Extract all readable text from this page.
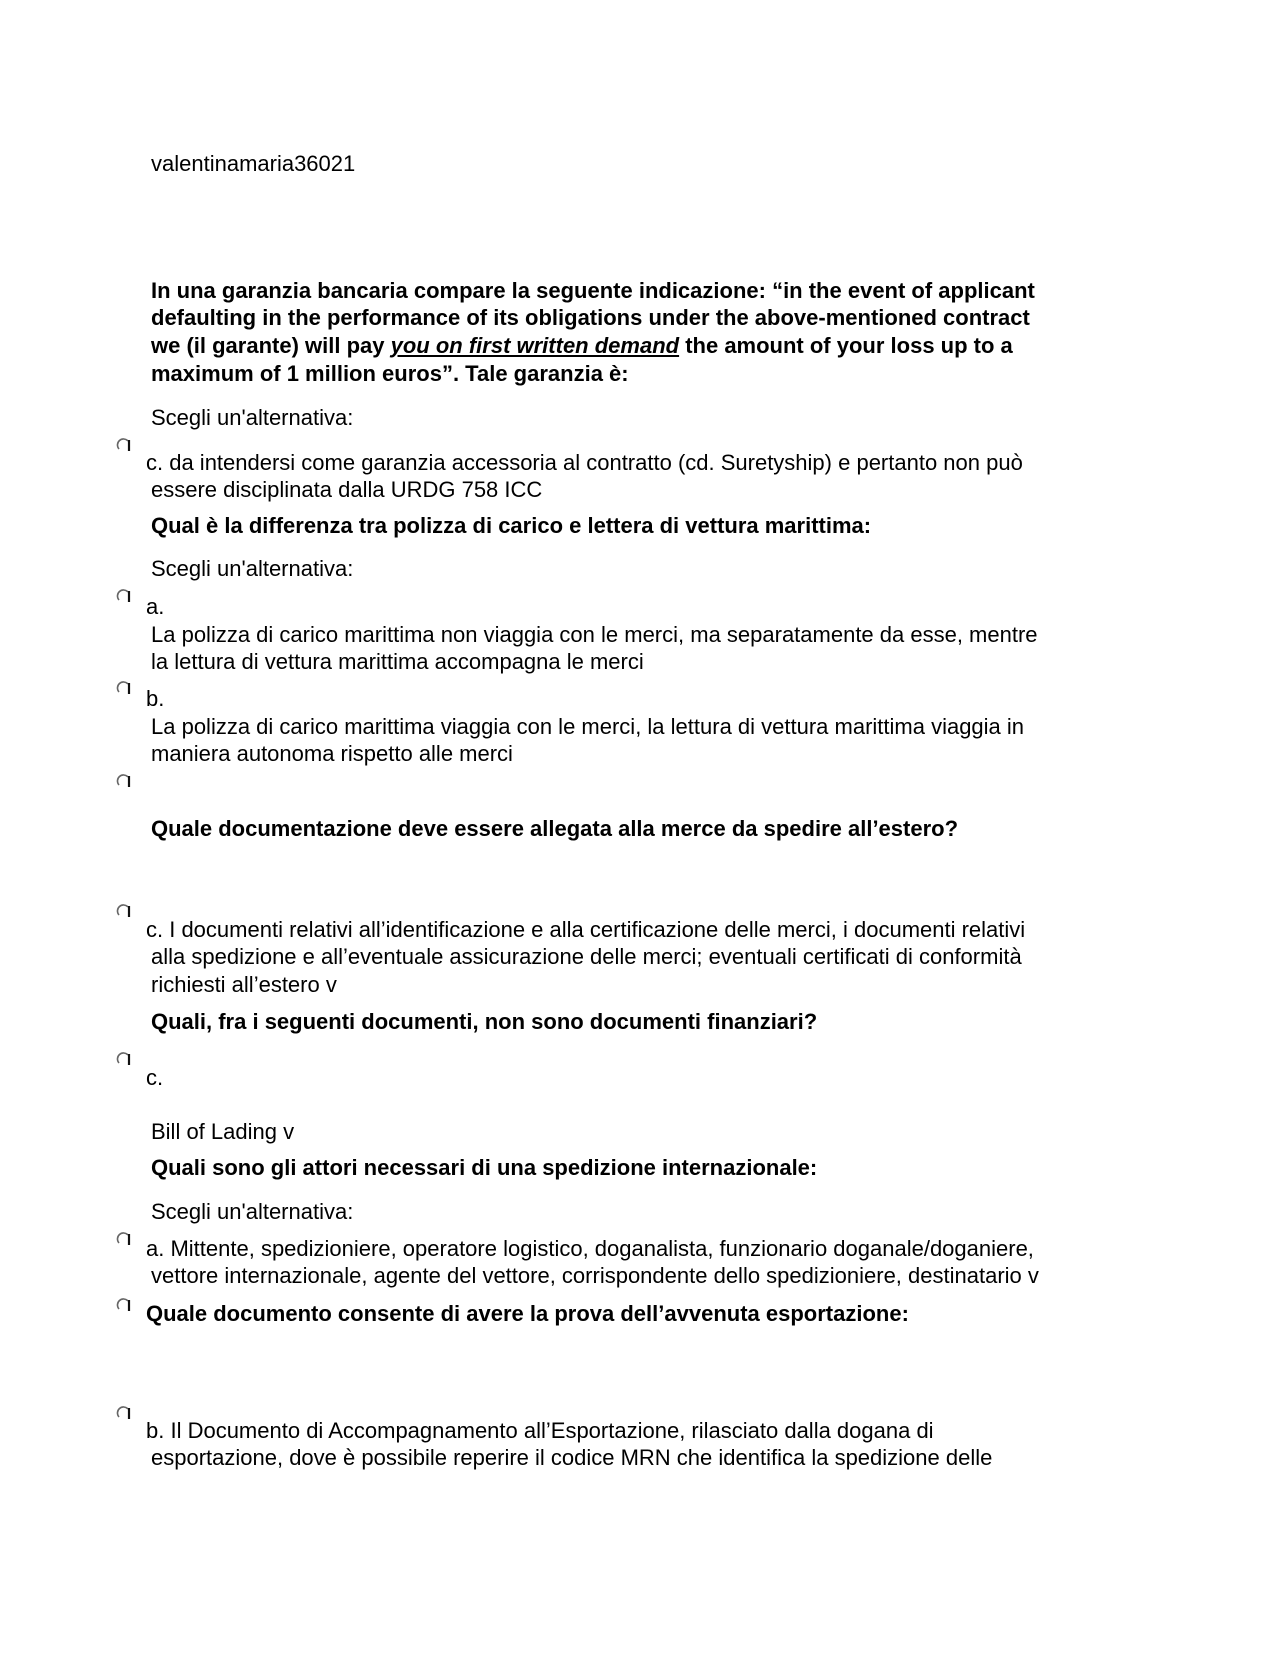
valentinamaria36021
In una garanzia bancaria compare la seguente indicazione: “in the event of applicant
defaulting in the performance of its obligations under the above-mentioned contract
we (il garante) will pay you on first written demand the amount of your loss up to a
maximum of 1 million euros”. Tale garanzia è:
Scegli un'alternativa:
c. da intendersi come garanzia accessoria al contratto (cd. Suretyship) e pertanto non può
essere disciplinata dalla URDG 758 ICC
Qual è la differenza tra polizza di carico e lettera di vettura marittima:
Scegli un'alternativa:
a.
La polizza di carico marittima non viaggia con le merci, ma separatamente da esse, mentre
la lettura di vettura marittima accompagna le merci
b.
La polizza di carico marittima viaggia con le merci, la lettura di vettura marittima viaggia in
maniera autonoma rispetto alle merci
Quale documentazione deve essere allegata alla merce da spedire all’estero?
c. I documenti relativi all’identificazione e alla certificazione delle merci, i documenti relativi
alla spedizione e all’eventuale assicurazione delle merci; eventuali certificati di conformità
richiesti all’estero v
Quali, fra i seguenti documenti, non sono documenti finanziari?
c.
Bill of Lading v
Quali sono gli attori necessari di una spedizione internazionale:
Scegli un'alternativa:
a. Mittente, spedizioniere, operatore logistico, doganalista, funzionario doganale/doganiere,
vettore internazionale, agente del vettore, corrispondente dello spedizioniere, destinatario v
Quale documento consente di avere la prova dell’avvenuta esportazione:
b. Il Documento di Accompagnamento all’Esportazione, rilasciato dalla dogana di
esportazione, dove è possibile reperire il codice MRN che identifica la spedizione delle
